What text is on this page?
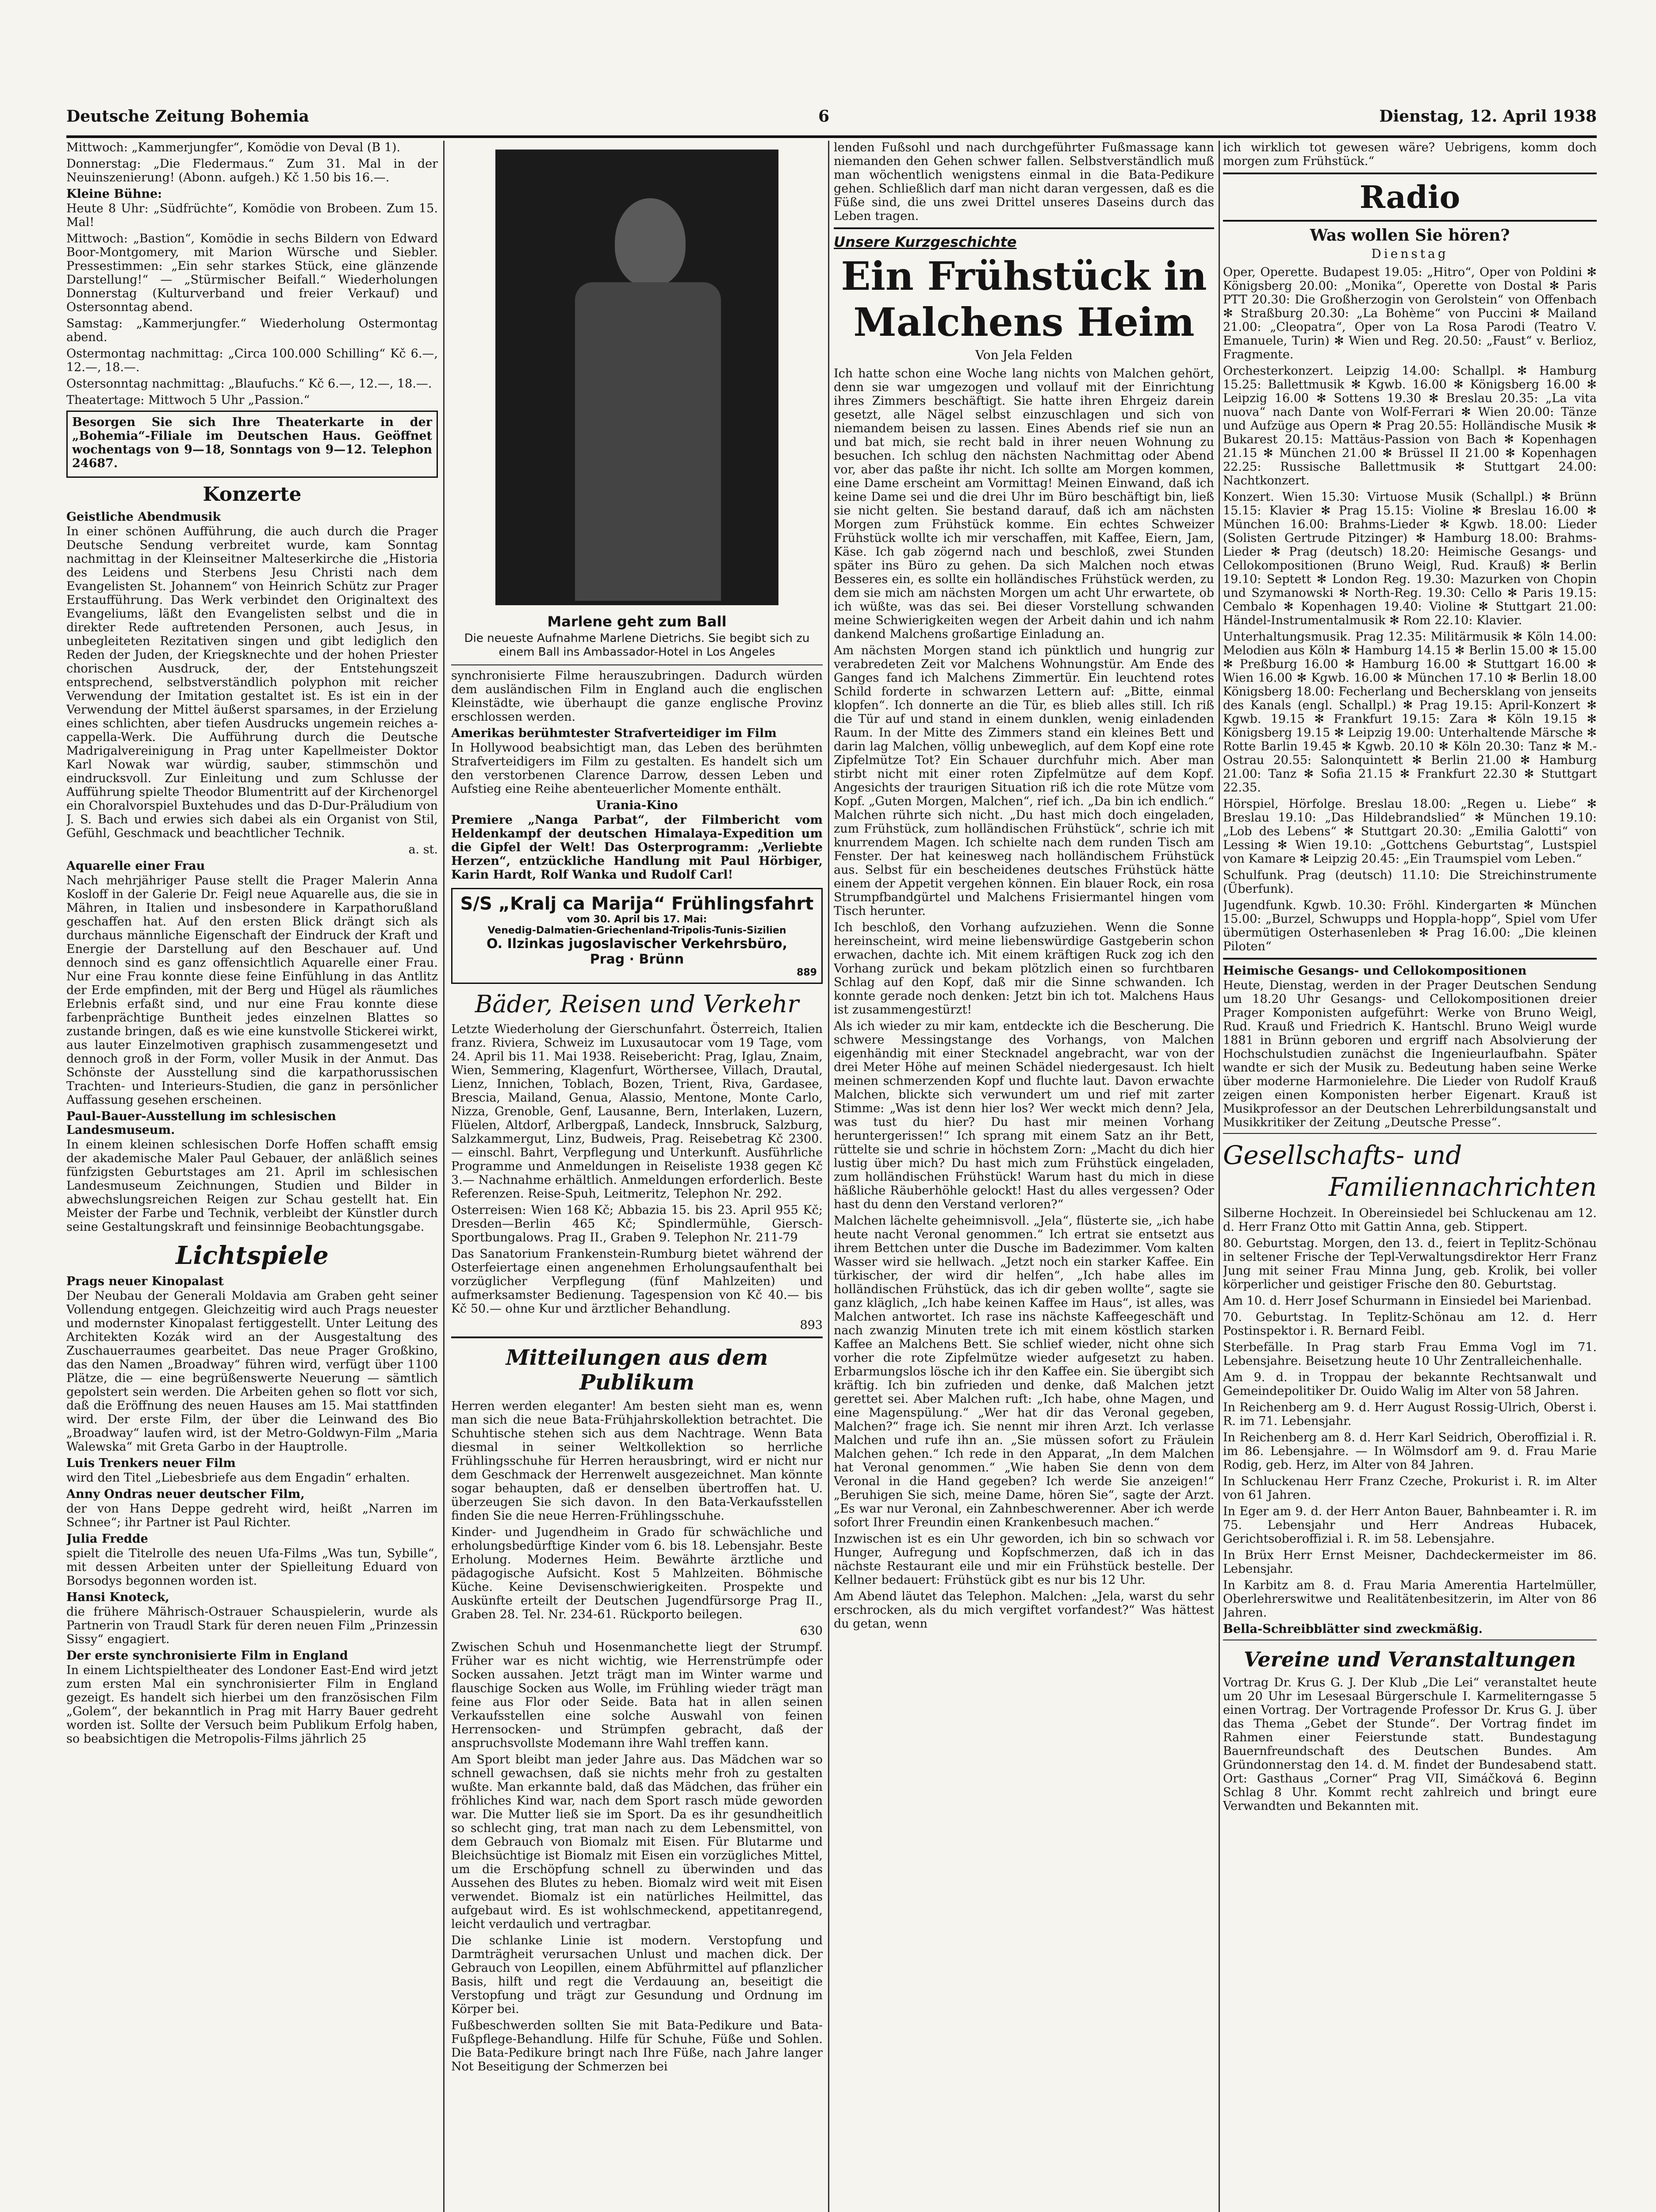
Deutsche Zeitung Bohemia	6	Dienstag, 12. April 1938

Mittwoch: „Kammerjungfer“, Komödie von Deval (B 1).

Donnerstag: „Die Fledermaus.“ Zum 31. Mal in der Neuinszenierung! (Abonn. aufgeh.) Kč 1.50 bis 16.—.

Kleine Bühne:

Heute 8 Uhr: „Südfrüchte“, Komödie von Brobeen. Zum 15. Mal!

Mittwoch: „Bastion“, Komödie in sechs Bildern von Edward Boor-Montgomery, mit Marion Würsche und Siebler. Pressestimmen: „Ein sehr starkes Stück, eine glänzende Darstellung!“ — „Stürmischer Beifall.“ Wiederholungen Donnerstag (Kulturverband und freier Verkauf) und Ostersonntag abend.

Samstag: „Kammerjungfer.“ Wiederholung Ostermontag abend.

Ostermontag nachmittag: „Circa 100.000 Schilling“ Kč 6.—, 12.—, 18.—.

Ostersonntag nachmittag: „Blaufuchs.“ Kč 6.—, 12.—, 18.—.

Theatertage: Mittwoch 5 Uhr „Passion.“

Besorgen Sie sich Ihre Theaterkarte in der „Bohemia“-Filiale im Deutschen Haus. Geöffnet wochentags von 9—18, Sonntags von 9—12. Telephon 24687.

Konzerte
Geistliche Abendmusik

In einer schönen Aufführung, die auch durch die Prager Deutsche Sendung verbreitet wurde, kam Sonntag nachmittag in der Kleinseitner Malteserkirche die „Historia des Leidens und Sterbens Jesu Christi nach dem Evangelisten St. Johannem“ von Heinrich Schütz zur Prager Erstaufführung. Das Werk verbindet den Originaltext des Evangeliums, läßt den Evangelisten selbst und die in direkter Rede auftretenden Personen, auch Jesus, in unbegleiteten Rezitativen singen und gibt lediglich den Reden der Juden, der Kriegsknechte und der hohen Priester chorischen Ausdruck, der, der Entstehungszeit entsprechend, selbstverständlich polyphon mit reicher Verwendung der Imitation gestaltet ist. Es ist ein in der Verwendung der Mittel äußerst sparsames, in der Erzielung eines schlichten, aber tiefen Ausdrucks ungemein reiches a-cappella-Werk. Die Aufführung durch die Deutsche Madrigalvereinigung in Prag unter Kapellmeister Doktor Karl Nowak war würdig, sauber, stimmschön und eindrucksvoll. Zur Einleitung und zum Schlusse der Aufführung spielte Theodor Blumentritt auf der Kirchenorgel ein Choralvorspiel Buxtehudes und das D-Dur-Präludium von J. S. Bach und erwies sich dabei als ein Organist von Stil, Gefühl, Geschmack und beachtlicher Technik.

a. st.

Aquarelle einer Frau

Nach mehrjähriger Pause stellt die Prager Malerin Anna Kosloff in der Galerie Dr. Feigl neue Aquarelle aus, die sie in Mähren, in Italien und insbesondere in Karpathorußland geschaffen hat. Auf den ersten Blick drängt sich als durchaus männliche Eigenschaft der Eindruck der Kraft und Energie der Darstellung auf den Beschauer auf. Und dennoch sind es ganz offensichtlich Aquarelle einer Frau. Nur eine Frau konnte diese feine Einfühlung in das Antlitz der Erde empfinden, mit der Berg und Hügel als räumliches Erlebnis erfaßt sind, und nur eine Frau konnte diese farbenprächtige Buntheit jedes einzelnen Blattes so zustande bringen, daß es wie eine kunstvolle Stickerei wirkt, aus lauter Einzelmotiven graphisch zusammengesetzt und dennoch groß in der Form, voller Musik in der Anmut. Das Schönste der Ausstellung sind die karpathorussischen Trachten- und Interieurs-Studien, die ganz in persönlicher Auffassung gesehen erscheinen.

Paul-Bauer-Ausstellung im schlesischen Landesmuseum.

In einem kleinen schlesischen Dorfe Hoffen schafft emsig der akademische Maler Paul Gebauer, der anläßlich seines fünfzigsten Geburtstages am 21. April im schlesischen Landesmuseum Zeichnungen, Studien und Bilder in abwechslungsreichen Reigen zur Schau gestellt hat. Ein Meister der Farbe und Technik, verbleibt der Künstler durch seine Gestaltungskraft und feinsinnige Beobachtungsgabe.

Lichtspiele
Prags neuer Kinopalast

Der Neubau der Generali Moldavia am Graben geht seiner Vollendung entgegen. Gleichzeitig wird auch Prags neuester und modernster Kinopalast fertiggestellt. Unter Leitung des Architekten Kozák wird an der Ausgestaltung des Zuschauerraumes gearbeitet. Das neue Prager Großkino, das den Namen „Broadway“ führen wird, verfügt über 1100 Plätze, die — eine begrüßenswerte Neuerung — sämtlich gepolstert sein werden. Die Arbeiten gehen so flott vor sich, daß die Eröffnung des neuen Hauses am 15. Mai stattfinden wird. Der erste Film, der über die Leinwand des Bio „Broadway“ laufen wird, ist der Metro-Goldwyn-Film „Maria Walewska“ mit Greta Garbo in der Hauptrolle.

Luis Trenkers neuer Film

wird den Titel „Liebesbriefe aus dem Engadin“ erhalten.

Anny Ondras neuer deutscher Film,

der von Hans Deppe gedreht wird, heißt „Narren im Schnee“; ihr Partner ist Paul Richter.

Julia Fredde

spielt die Titelrolle des neuen Ufa-Films „Was tun, Sybille“, mit dessen Arbeiten unter der Spielleitung Eduard von Borsodys begonnen worden ist.

Hansi Knoteck,

die frühere Mährisch-Ostrauer Schauspielerin, wurde als Partnerin von Traudl Stark für deren neuen Film „Prinzessin Sissy“ engagiert.

Der erste synchronisierte Film in England

In einem Lichtspieltheater des Londoner East-End wird jetzt zum ersten Mal ein synchronisierter Film in England gezeigt. Es handelt sich hierbei um den französischen Film „Golem“, der bekanntlich in Prag mit Harry Bauer gedreht worden ist. Sollte der Versuch beim Publikum Erfolg haben, so beabsichtigen die Metropolis-Films jährlich 25

Marlene geht zum Ball
Die neueste Aufnahme Marlene Dietrichs. Sie begibt sich zu einem Ball ins Ambassador-Hotel in Los Angeles

synchronisierte Filme herauszubringen. Dadurch würden dem ausländischen Film in England auch die englischen Kleinstädte, wie überhaupt die ganze englische Provinz erschlossen werden.

Amerikas berühmtester Strafverteidiger im Film

In Hollywood beabsichtigt man, das Leben des berühmten Strafverteidigers im Film zu gestalten. Es handelt sich um den verstorbenen Clarence Darrow, dessen Leben und Aufstieg eine Reihe abenteuerlicher Momente enthält.

Urania-Kino

Premiere „Nanga Parbat“, der Filmbericht vom Heldenkampf der deutschen Himalaya-Expedition um die Gipfel der Welt! Das Osterprogramm: „Verliebte Herzen“, entzückliche Handlung mit Paul Hörbiger, Karin Hardt, Rolf Wanka und Rudolf Carl!

S/S „Kralj ca Marija“ Frühlingsfahrt
vom 30. April bis 17. Mai:
Venedig-Dalmatien-Griechenland-Tripolis-Tunis-Sizilien
O. Ilzinkas jugoslavischer Verkehrsbüro,
Prag · Brünn
889
Bäder, Reisen und Verkehr

Letzte Wiederholung der Gierschunfahrt. Österreich, Italien franz. Riviera, Schweiz im Luxusautocar vom 19 Tage, vom 24. April bis 11. Mai 1938. Reisebericht: Prag, Iglau, Znaim, Wien, Semmering, Klagenfurt, Wörthersee, Villach, Drautal, Lienz, Innichen, Toblach, Bozen, Trient, Riva, Gardasee, Brescia, Mailand, Genua, Alassio, Mentone, Monte Carlo, Nizza, Grenoble, Genf, Lausanne, Bern, Interlaken, Luzern, Flüelen, Altdorf, Arlbergpaß, Landeck, Innsbruck, Salzburg, Salzkammergut, Linz, Budweis, Prag. Reisebetrag Kč 2300.— einschl. Bahrt, Verpflegung und Unterkunft. Ausführliche Programme und Anmeldungen in Reiseliste 1938 gegen Kč 3.— Nachnahme erhältlich. Anmeldungen erforderlich. Beste Referenzen. Reise-Spuh, Leitmeritz, Telephon Nr. 292.

Osterreisen: Wien 168 Kč; Abbazia 15. bis 23. April 955 Kč; Dresden—Berlin 465 Kč; Spindlermühle, Giersch-Sportbungalows. Prag II., Graben 9. Telephon Nr. 211-79

Das Sanatorium Frankenstein-Rumburg bietet während der Osterfeiertage einen angenehmen Erholungsaufenthalt bei vorzüglicher Verpflegung (fünf Mahlzeiten) und aufmerksamster Bedienung. Tagespension von Kč 40.— bis Kč 50.— ohne Kur und ärztlicher Behandlung.

893

Mitteilungen aus dem Publikum

Herren werden eleganter! Am besten sieht man es, wenn man sich die neue Bata-Frühjahrskollektion betrachtet. Die Schuhtische stehen sich aus dem Nachtrage. Wenn Bata diesmal in seiner Weltkollektion so herrliche Frühlingsschuhe für Herren herausbringt, wird er nicht nur dem Geschmack der Herrenwelt ausgezeichnet. Man könnte sogar behaupten, daß er denselben übertroffen hat. U. überzeugen Sie sich davon. In den Bata-Verkaufsstellen finden Sie die neue Herren-Frühlingsschuhe.

Kinder- und Jugendheim in Grado für schwächliche und erholungsbedürftige Kinder vom 6. bis 18. Lebensjahr. Beste Erholung. Modernes Heim. Bewährte ärztliche und pädagogische Aufsicht. Kost 5 Mahlzeiten. Böhmische Küche. Keine Devisenschwierigkeiten. Prospekte und Auskünfte erteilt der Deutschen Jugendfürsorge Prag II., Graben 28. Tel. Nr. 234-61. Rückporto beilegen.

630

Zwischen Schuh und Hosenmanchette liegt der Strumpf. Früher war es nicht wichtig, wie Herrenstrümpfe oder Socken aussahen. Jetzt trägt man im Winter warme und flauschige Socken aus Wolle, im Frühling wieder trägt man feine aus Flor oder Seide. Bata hat in allen seinen Verkaufsstellen eine solche Auswahl von feinen Herrensocken- und Strümpfen gebracht, daß der anspruchsvollste Modemann ihre Wahl treffen kann.

Am Sport bleibt man jeder Jahre aus. Das Mädchen war so schnell gewachsen, daß sie nichts mehr froh zu gestalten wußte. Man erkannte bald, daß das Mädchen, das früher ein fröhliches Kind war, nach dem Sport rasch müde geworden war. Die Mutter ließ sie im Sport. Da es ihr gesundheitlich so schlecht ging, trat man nach zu dem Lebensmittel, von dem Gebrauch von Biomalz mit Eisen. Für Blutarme und Bleichsüchtige ist Biomalz mit Eisen ein vorzügliches Mittel, um die Erschöpfung schnell zu überwinden und das Aussehen des Blutes zu heben. Biomalz wird weit mit Eisen verwendet. Biomalz ist ein natürliches Heilmittel, das aufgebaut wird. Es ist wohlschmeckend, appetitanregend, leicht verdaulich und vertragbar.

Die schlanke Linie ist modern. Verstopfung und Darmträgheit verursachen Unlust und machen dick. Der Gebrauch von Leopillen, einem Abführmittel auf pflanzlicher Basis, hilft und regt die Verdauung an, beseitigt die Verstopfung und trägt zur Gesundung und Ordnung im Körper bei.

Fußbeschwerden sollten Sie mit Bata-Pedikure und Bata-Fußpflege-Behandlung. Hilfe für Schuhe, Füße und Sohlen. Die Bata-Pedikure bringt nach Ihre Füße, nach Jahre langer Not Beseitigung der Schmerzen bei

lenden Fußsohl und nach durchgeführter Fußmassage kann niemanden den Gehen schwer fallen. Selbstverständlich muß man wöchentlich wenigstens einmal in die Bata-Pedikure gehen. Schließlich darf man nicht daran vergessen, daß es die Füße sind, die uns zwei Drittel unseres Daseins durch das Leben tragen.

Unsere Kurzgeschichte
Ein Frühstück in Malchens Heim
Von Jela Felden

Ich hatte schon eine Woche lang nichts von Malchen gehört, denn sie war umgezogen und vollauf mit der Einrichtung ihres Zimmers beschäftigt. Sie hatte ihren Ehrgeiz darein gesetzt, alle Nägel selbst einzuschlagen und sich von niemandem beisen zu lassen. Eines Abends rief sie nun an und bat mich, sie recht bald in ihrer neuen Wohnung zu besuchen. Ich schlug den nächsten Nachmittag oder Abend vor, aber das paßte ihr nicht. Ich sollte am Morgen kommen, eine Dame erscheint am Vormittag! Meinen Einwand, daß ich keine Dame sei und die drei Uhr im Büro beschäftigt bin, ließ sie nicht gelten. Sie bestand darauf, daß ich am nächsten Morgen zum Frühstück komme. Ein echtes Schweizer Frühstück wollte ich mir verschaffen, mit Kaffee, Eiern, Jam, Käse. Ich gab zögernd nach und beschloß, zwei Stunden später ins Büro zu gehen. Da sich Malchen noch etwas Besseres ein, es sollte ein holländisches Frühstück werden, zu dem sie mich am nächsten Morgen um acht Uhr erwartete, ob ich wüßte, was das sei. Bei dieser Vorstellung schwanden meine Schwierigkeiten wegen der Arbeit dahin und ich nahm dankend Malchens großartige Einladung an.

Am nächsten Morgen stand ich pünktlich und hungrig zur verabredeten Zeit vor Malchens Wohnungstür. Am Ende des Ganges fand ich Malchens Zimmertür. Ein leuchtend rotes Schild forderte in schwarzen Lettern auf: „Bitte, einmal klopfen“. Ich donnerte an die Tür, es blieb alles still. Ich riß die Tür auf und stand in einem dunklen, wenig einladenden Raum. In der Mitte des Zimmers stand ein kleines Bett und darin lag Malchen, völlig unbeweglich, auf dem Kopf eine rote Zipfelmütze Tot? Ein Schauer durchfuhr mich. Aber man stirbt nicht mit einer roten Zipfelmütze auf dem Kopf. Angesichts der traurigen Situation riß ich die rote Mütze vom Kopf. „Guten Morgen, Malchen“, rief ich. „Da bin ich endlich.“ Malchen rührte sich nicht. „Du hast mich doch eingeladen, zum Frühstück, zum holländischen Frühstück“, schrie ich mit knurrendem Magen. Ich schielte nach dem runden Tisch am Fenster. Der hat keinesweg nach holländischem Frühstück aus. Selbst für ein bescheidenes deutsches Frühstück hätte einem der Appetit vergehen können. Ein blauer Rock, ein rosa Strumpfbandgürtel und Malchens Frisiermantel hingen vom Tisch herunter.

Ich beschloß, den Vorhang aufzuziehen. Wenn die Sonne hereinscheint, wird meine liebenswürdige Gastgeberin schon erwachen, dachte ich. Mit einem kräftigen Ruck zog ich den Vorhang zurück und bekam plötzlich einen so furchtbaren Schlag auf den Kopf, daß mir die Sinne schwanden. Ich konnte gerade noch denken: Jetzt bin ich tot. Malchens Haus ist zusammengestürzt!

Als ich wieder zu mir kam, entdeckte ich die Bescherung. Die schwere Messingstange des Vorhangs, von Malchen eigenhändig mit einer Stecknadel angebracht, war von der drei Meter Höhe auf meinen Schädel niedergesaust. Ich hielt meinen schmerzenden Kopf und fluchte laut. Davon erwachte Malchen, blickte sich verwundert um und rief mit zarter Stimme: „Was ist denn hier los? Wer weckt mich denn? Jela, was tust du hier? Du hast mir meinen Vorhang heruntergerissen!“ Ich sprang mit einem Satz an ihr Bett, rüttelte sie und schrie in höchstem Zorn: „Macht du dich hier lustig über mich? Du hast mich zum Frühstück eingeladen, zum holländischen Frühstück! Warum hast du mich in diese häßliche Räuberhöhle gelockt! Hast du alles vergessen? Oder hast du denn den Verstand verloren?“

Malchen lächelte geheimnisvoll. „Jela“, flüsterte sie, „ich habe heute nacht Veronal genommen.“ Ich ertrat sie entsetzt aus ihrem Bettchen unter die Dusche im Badezimmer. Vom kalten Wasser wird sie hellwach. „Jetzt noch ein starker Kaffee. Ein türkischer, der wird dir helfen“, „Ich habe alles im holländischen Frühstück, das ich dir geben wollte“, sagte sie ganz kläglich, „Ich habe keinen Kaffee im Haus“, ist alles, was Malchen antwortet. Ich rase ins nächste Kaffeegeschäft und nach zwanzig Minuten trete ich mit einem köstlich starken Kaffee an Malchens Bett. Sie schlief wieder, nicht ohne sich vorher die rote Zipfelmütze wieder aufgesetzt zu haben. Erbarmungslos lösche ich ihr den Kaffee ein. Sie übergibt sich kräftig. Ich bin zufrieden und denke, daß Malchen jetzt gerettet sei. Aber Malchen ruft: „Ich habe, ohne Magen, und eine Magenspülung.“ „Wer hat dir das Veronal gegeben, Malchen?“ frage ich. Sie nennt mir ihren Arzt. Ich verlasse Malchen und rufe ihn an. „Sie müssen sofort zu Fräulein Malchen gehen.“ Ich rede in den Apparat, „In dem Malchen hat Veronal genommen.“ „Wie haben Sie denn von dem Veronal in die Hand gegeben? Ich werde Sie anzeigen!“ „Beruhigen Sie sich, meine Dame, hören Sie“, sagte der Arzt. „Es war nur Veronal, ein Zahnbeschwerenner. Aber ich werde sofort Ihrer Freundin einen Krankenbesuch machen.“

Inzwischen ist es ein Uhr geworden, ich bin so schwach vor Hunger, Aufregung und Kopfschmerzen, daß ich in das nächste Restaurant eile und mir ein Frühstück bestelle. Der Kellner bedauert: Frühstück gibt es nur bis 12 Uhr.

Am Abend läutet das Telephon. Malchen: „Jela, warst du sehr erschrocken, als du mich vergiftet vorfandest?“ Was hättest du getan, wenn

ich wirklich tot gewesen wäre? Uebrigens, komm doch morgen zum Frühstück.“

Radio
Was wollen Sie hören?
Dienstag

Oper, Operette. Budapest 19.05: „Hitro“, Oper von Poldini ✻ Königsberg 20.00: „Monika“, Operette von Dostal ✻ Paris PTT 20.30: Die Großherzogin von Gerolstein“ von Offenbach ✻ Straßburg 20.30: „La Bohème“ von Puccini ✻ Mailand 21.00: „Cleopatra“, Oper von La Rosa Parodi (Teatro V. Emanuele, Turin) ✻ Wien und Reg. 20.50: „Faust“ v. Berlioz, Fragmente.

Orchesterkonzert. Leipzig 14.00: Schallpl. ✻ Hamburg 15.25: Ballettmusik ✻ Kgwb. 16.00 ✻ Königsberg 16.00 ✻ Leipzig 16.00 ✻ Sottens 19.30 ✻ Breslau 20.35: „La vita nuova“ nach Dante von Wolf-Ferrari ✻ Wien 20.00: Tänze und Aufzüge aus Opern ✻ Prag 20.55: Holländische Musik ✻ Bukarest 20.15: Mattäus-Passion von Bach ✻ Kopenhagen 21.15 ✻ München 21.00 ✻ Brüssel II 21.00 ✻ Kopenhagen 22.25: Russische Ballettmusik ✻ Stuttgart 24.00: Nachtkonzert.

Konzert. Wien 15.30: Virtuose Musik (Schallpl.) ✻ Brünn 15.15: Klavier ✻ Prag 15.15: Violine ✻ Breslau 16.00 ✻ München 16.00: Brahms-Lieder ✻ Kgwb. 18.00: Lieder (Solisten Gertrude Pitzinger) ✻ Hamburg 18.00: Brahms-Lieder ✻ Prag (deutsch) 18.20: Heimische Gesangs- und Cellokompositionen (Bruno Weigl, Rud. Krauß) ✻ Berlin 19.10: Septett ✻ London Reg. 19.30: Mazurken von Chopin und Szymanowski ✻ North-Reg. 19.30: Cello ✻ Paris 19.15: Cembalo ✻ Kopenhagen 19.40: Violine ✻ Stuttgart 21.00: Händel-Instrumentalmusik ✻ Rom 22.10: Klavier.

Unterhaltungsmusik. Prag 12.35: Militärmusik ✻ Köln 14.00: Melodien aus Köln ✻ Hamburg 14.15 ✻ Berlin 15.00 ✻ 15.00 ✻ Preßburg 16.00 ✻ Hamburg 16.00 ✻ Stuttgart 16.00 ✻ Wien 16.00 ✻ Kgwb. 16.00 ✻ München 17.10 ✻ Berlin 18.00 Königsberg 18.00: Fecherlang und Bechersklang von jenseits des Kanals (engl. Schallpl.) ✻ Prag 19.15: April-Konzert ✻ Kgwb. 19.15 ✻ Frankfurt 19.15: Zara ✻ Köln 19.15 ✻ Königsberg 19.15 ✻ Leipzig 19.00: Unterhaltende Märsche ✻ Rotte Barlin 19.45 ✻ Kgwb. 20.10 ✻ Köln 20.30: Tanz ✻ M.-Ostrau 20.55: Salonquintett ✻ Berlin 21.00 ✻ Hamburg 21.00: Tanz ✻ Sofia 21.15 ✻ Frankfurt 22.30 ✻ Stuttgart 22.35.

Hörspiel, Hörfolge. Breslau 18.00: „Regen u. Liebe“ ✻ Breslau 19.10: „Das Hildebrandslied“ ✻ München 19.10: „Lob des Lebens“ ✻ Stuttgart 20.30: „Emilia Galotti“ von Lessing ✻ Wien 19.10: „Gottchens Geburtstag“, Lustspiel von Kamare ✻ Leipzig 20.45: „Ein Traumspiel vom Leben.“

Schulfunk. Prag (deutsch) 11.10: Die Streichinstrumente (Überfunk).

Jugendfunk. Kgwb. 10.30: Fröhl. Kindergarten ✻ München 15.00: „Burzel, Schwupps und Hoppla-hopp“, Spiel vom Ufer übermütigen Osterhasenleben ✻ Prag 16.00: „Die kleinen Piloten“

Heimische Gesangs- und Cellokompositionen

Heute, Dienstag, werden in der Prager Deutschen Sendung um 18.20 Uhr Gesangs- und Cellokompositionen dreier Prager Komponisten aufgeführt: Werke von Bruno Weigl, Rud. Krauß und Friedrich K. Hantschl. Bruno Weigl wurde 1881 in Brünn geboren und ergriff nach Absolvierung der Hochschulstudien zunächst die Ingenieurlaufbahn. Später wandte er sich der Musik zu. Bedeutung haben seine Werke über moderne Harmonielehre. Die Lieder von Rudolf Krauß zeigen einen Komponisten herber Eigenart. Krauß ist Musikprofessor an der Deutschen Lehrerbildungsanstalt und Musikkritiker der Zeitung „Deutsche Presse“.

Gesellschafts- und
Familiennachrichten

Silberne Hochzeit. In Obereinsiedel bei Schluckenau am 12. d. Herr Franz Otto mit Gattin Anna, geb. Stippert.

80. Geburtstag. Morgen, den 13. d., feiert in Teplitz-Schönau in seltener Frische der Tepl-Verwaltungsdirektor Herr Franz Jung mit seiner Frau Minna Jung, geb. Krolik, bei voller körperlicher und geistiger Frische den 80. Geburtstag.

Am 10. d. Herr Josef Schurmann in Einsiedel bei Marienbad.

70. Geburtstag. In Teplitz-Schönau am 12. d. Herr Postinspektor i. R. Bernard Feibl.

Sterbefälle. In Prag starb Frau Emma Vogl im 71. Lebensjahre. Beisetzung heute 10 Uhr Zentralleichenhalle.

Am 9. d. in Troppau der bekannte Rechtsanwalt und Gemeindepolitiker Dr. Ouido Walig im Alter von 58 Jahren.

In Reichenberg am 9. d. Herr August Rossig-Ulrich, Oberst i. R. im 71. Lebensjahr.

In Reichenberg am 8. d. Herr Karl Seidrich, Oberoffizial i. R. im 86. Lebensjahre. — In Wölmsdorf am 9. d. Frau Marie Rodig, geb. Herz, im Alter von 84 Jahren.

In Schluckenau Herr Franz Czeche, Prokurist i. R. im Alter von 61 Jahren.

In Eger am 9. d. der Herr Anton Bauer, Bahnbeamter i. R. im 75. Lebensjahr und Herr Andreas Hubacek, Gerichtsoberoffizial i. R. im 58. Lebensjahre.

In Brüx Herr Ernst Meisner, Dachdeckermeister im 86. Lebensjahr.

In Karbitz am 8. d. Frau Maria Amerentia Hartelmüller, Oberlehrerswitwe und Realitätenbesitzerin, im Alter von 86 Jahren.

Bella-Schreibblätter sind zweckmäßig.

Vereine und Veranstaltungen

Vortrag Dr. Krus G. J. Der Klub „Die Lei“ veranstaltet heute um 20 Uhr im Lesesaal Bürgerschule I. Karmeliterngasse 5 einen Vortrag. Der Vortragende Professor Dr. Krus G. J. über das Thema „Gebet der Stunde“. Der Vortrag findet im Rahmen einer Feierstunde statt. Bundestagung Bauernfreundschaft des Deutschen Bundes. Am Gründonnerstag den 14. d. M. findet der Bundesabend statt. Ort: Gasthaus „Corner“ Prag VII, Simáčková 6. Beginn Schlag 8 Uhr. Kommt recht zahlreich und bringt eure Verwandten und Bekannten mit.
